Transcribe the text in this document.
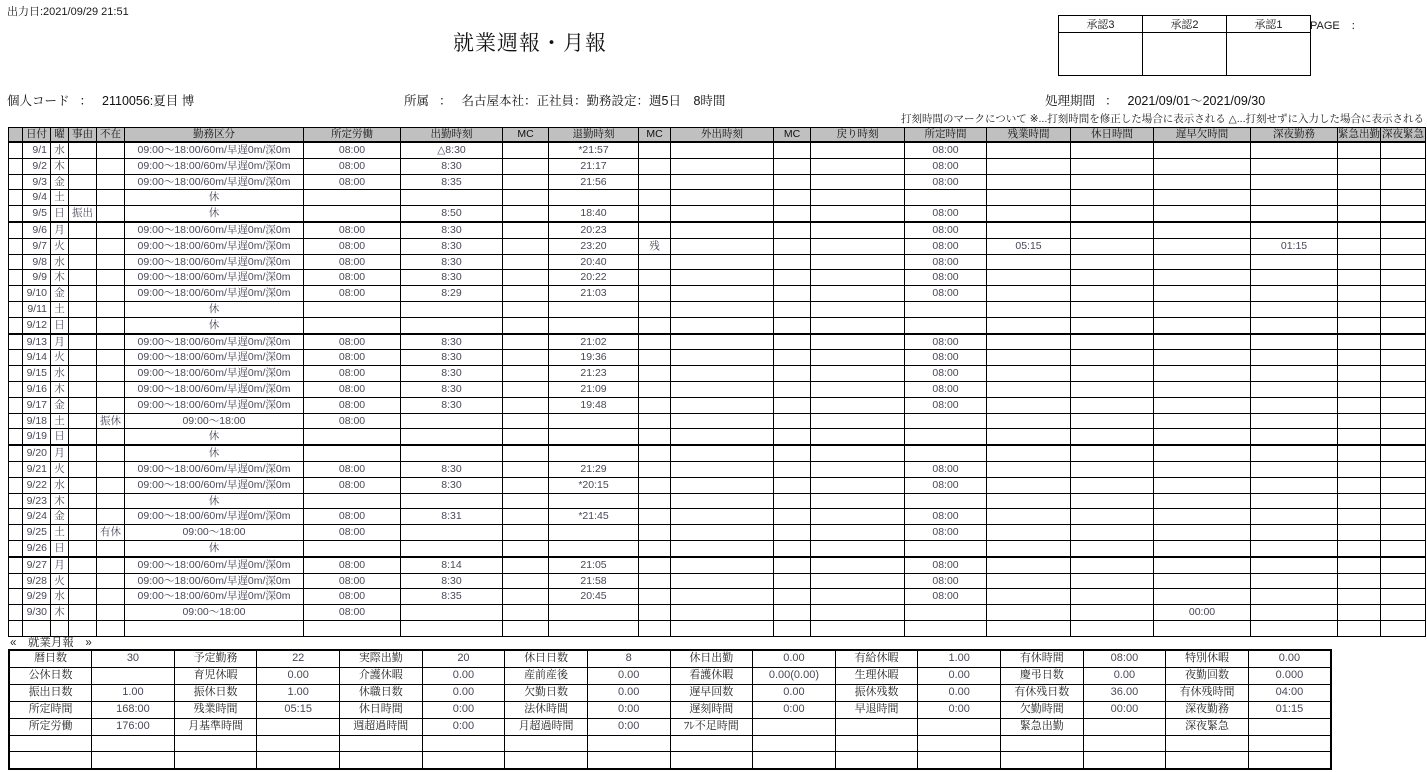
出力日:2021/09/29 21:51
就業週報・月報
承認3	承認2	承認1
		PAGE　：
個人コード ： 2110056:夏目 博	所属 ： 名古屋本社：正社員：勤務設定：週5日　8時間	処理期間 ： 2021/09/01～2021/09/30
打刻時間のマークについて ※...打刻時間を修正した場合に表示される △...打刻せずに入力した場合に表示される
	日付	曜	事由	不在	勤務区分	所定労働	出勤時刻	MC	退勤時刻	MC	外出時刻	MC	戻り時刻	所定時間	残業時間	休日時間	遅早欠時間	深夜勤務	緊急出勤	深夜緊急
	9/1	水			09:00～18:00/60m/早遅0m/深0m	08:00	△8:30		*21:57					08:00						
	9/2	木			09:00～18:00/60m/早遅0m/深0m	08:00	8:30		21:17					08:00						
	9/3	金			09:00～18:00/60m/早遅0m/深0m	08:00	8:35		21:56					08:00						
	9/4	土			休															
	9/5	日	振出		休		8:50		18:40					08:00						
	9/6	月			09:00～18:00/60m/早遅0m/深0m	08:00	8:30		20:23					08:00						
	9/7	火			09:00～18:00/60m/早遅0m/深0m	08:00	8:30		23:20	残				08:00	05:15			01:15		
	9/8	水			09:00～18:00/60m/早遅0m/深0m	08:00	8:30		20:40					08:00						
	9/9	木			09:00～18:00/60m/早遅0m/深0m	08:00	8:30		20:22					08:00						
	9/10	金			09:00～18:00/60m/早遅0m/深0m	08:00	8:29		21:03					08:00						
	9/11	土			休															
	9/12	日			休															
	9/13	月			09:00～18:00/60m/早遅0m/深0m	08:00	8:30		21:02					08:00						
	9/14	火			09:00～18:00/60m/早遅0m/深0m	08:00	8:30		19:36					08:00						
	9/15	水			09:00～18:00/60m/早遅0m/深0m	08:00	8:30		21:23					08:00						
	9/16	木			09:00～18:00/60m/早遅0m/深0m	08:00	8:30		21:09					08:00						
	9/17	金			09:00～18:00/60m/早遅0m/深0m	08:00	8:30		19:48					08:00						
	9/18	土		振休	09:00～18:00	08:00														
	9/19	日			休															
	9/20	月			休															
	9/21	火			09:00～18:00/60m/早遅0m/深0m	08:00	8:30		21:29					08:00						
	9/22	水			09:00～18:00/60m/早遅0m/深0m	08:00	8:30		*20:15					08:00						
	9/23	木			休															
	9/24	金			09:00～18:00/60m/早遅0m/深0m	08:00	8:31		*21:45					08:00						
	9/25	土		有休	09:00～18:00	08:00								08:00						
	9/26	日			休															
	9/27	月			09:00～18:00/60m/早遅0m/深0m	08:00	8:14		21:05					08:00						
	9/28	火			09:00～18:00/60m/早遅0m/深0m	08:00	8:30		21:58					08:00						
	9/29	水			09:00～18:00/60m/早遅0m/深0m	08:00	8:35		20:45					08:00						
	9/30	木			09:00～18:00	08:00											00:00			

«　就業月報　»
暦日数	30	予定勤務	22	実際出勤	20	休日日数	8	休日出勤	0.00	有給休暇	1.00	有休時間	08:00	特別休暇	0.00
公休日数		育児休暇	0.00	介護休暇	0.00	産前産後	0.00	看護休暇	0.00(0.00)	生理休暇	0.00	慶弔日数	0.00	夜勤回数	0.000
振出日数	1.00	振休日数	1.00	休職日数	0.00	欠勤日数	0.00	遅早回数	0.00	振休残数	0.00	有休残日数	36.00	有休残時間	04:00
所定時間	168:00	残業時間	05:15	休日時間	0:00	法休時間	0:00	遅刻時間	0:00	早退時間	0:00	欠勤時間	00:00	深夜勤務	01:15
所定労働	176:00	月基準時間		週超過時間	0:00	月超過時間	0:00	ﾌﾚ不足時間				緊急出勤		深夜緊急	
